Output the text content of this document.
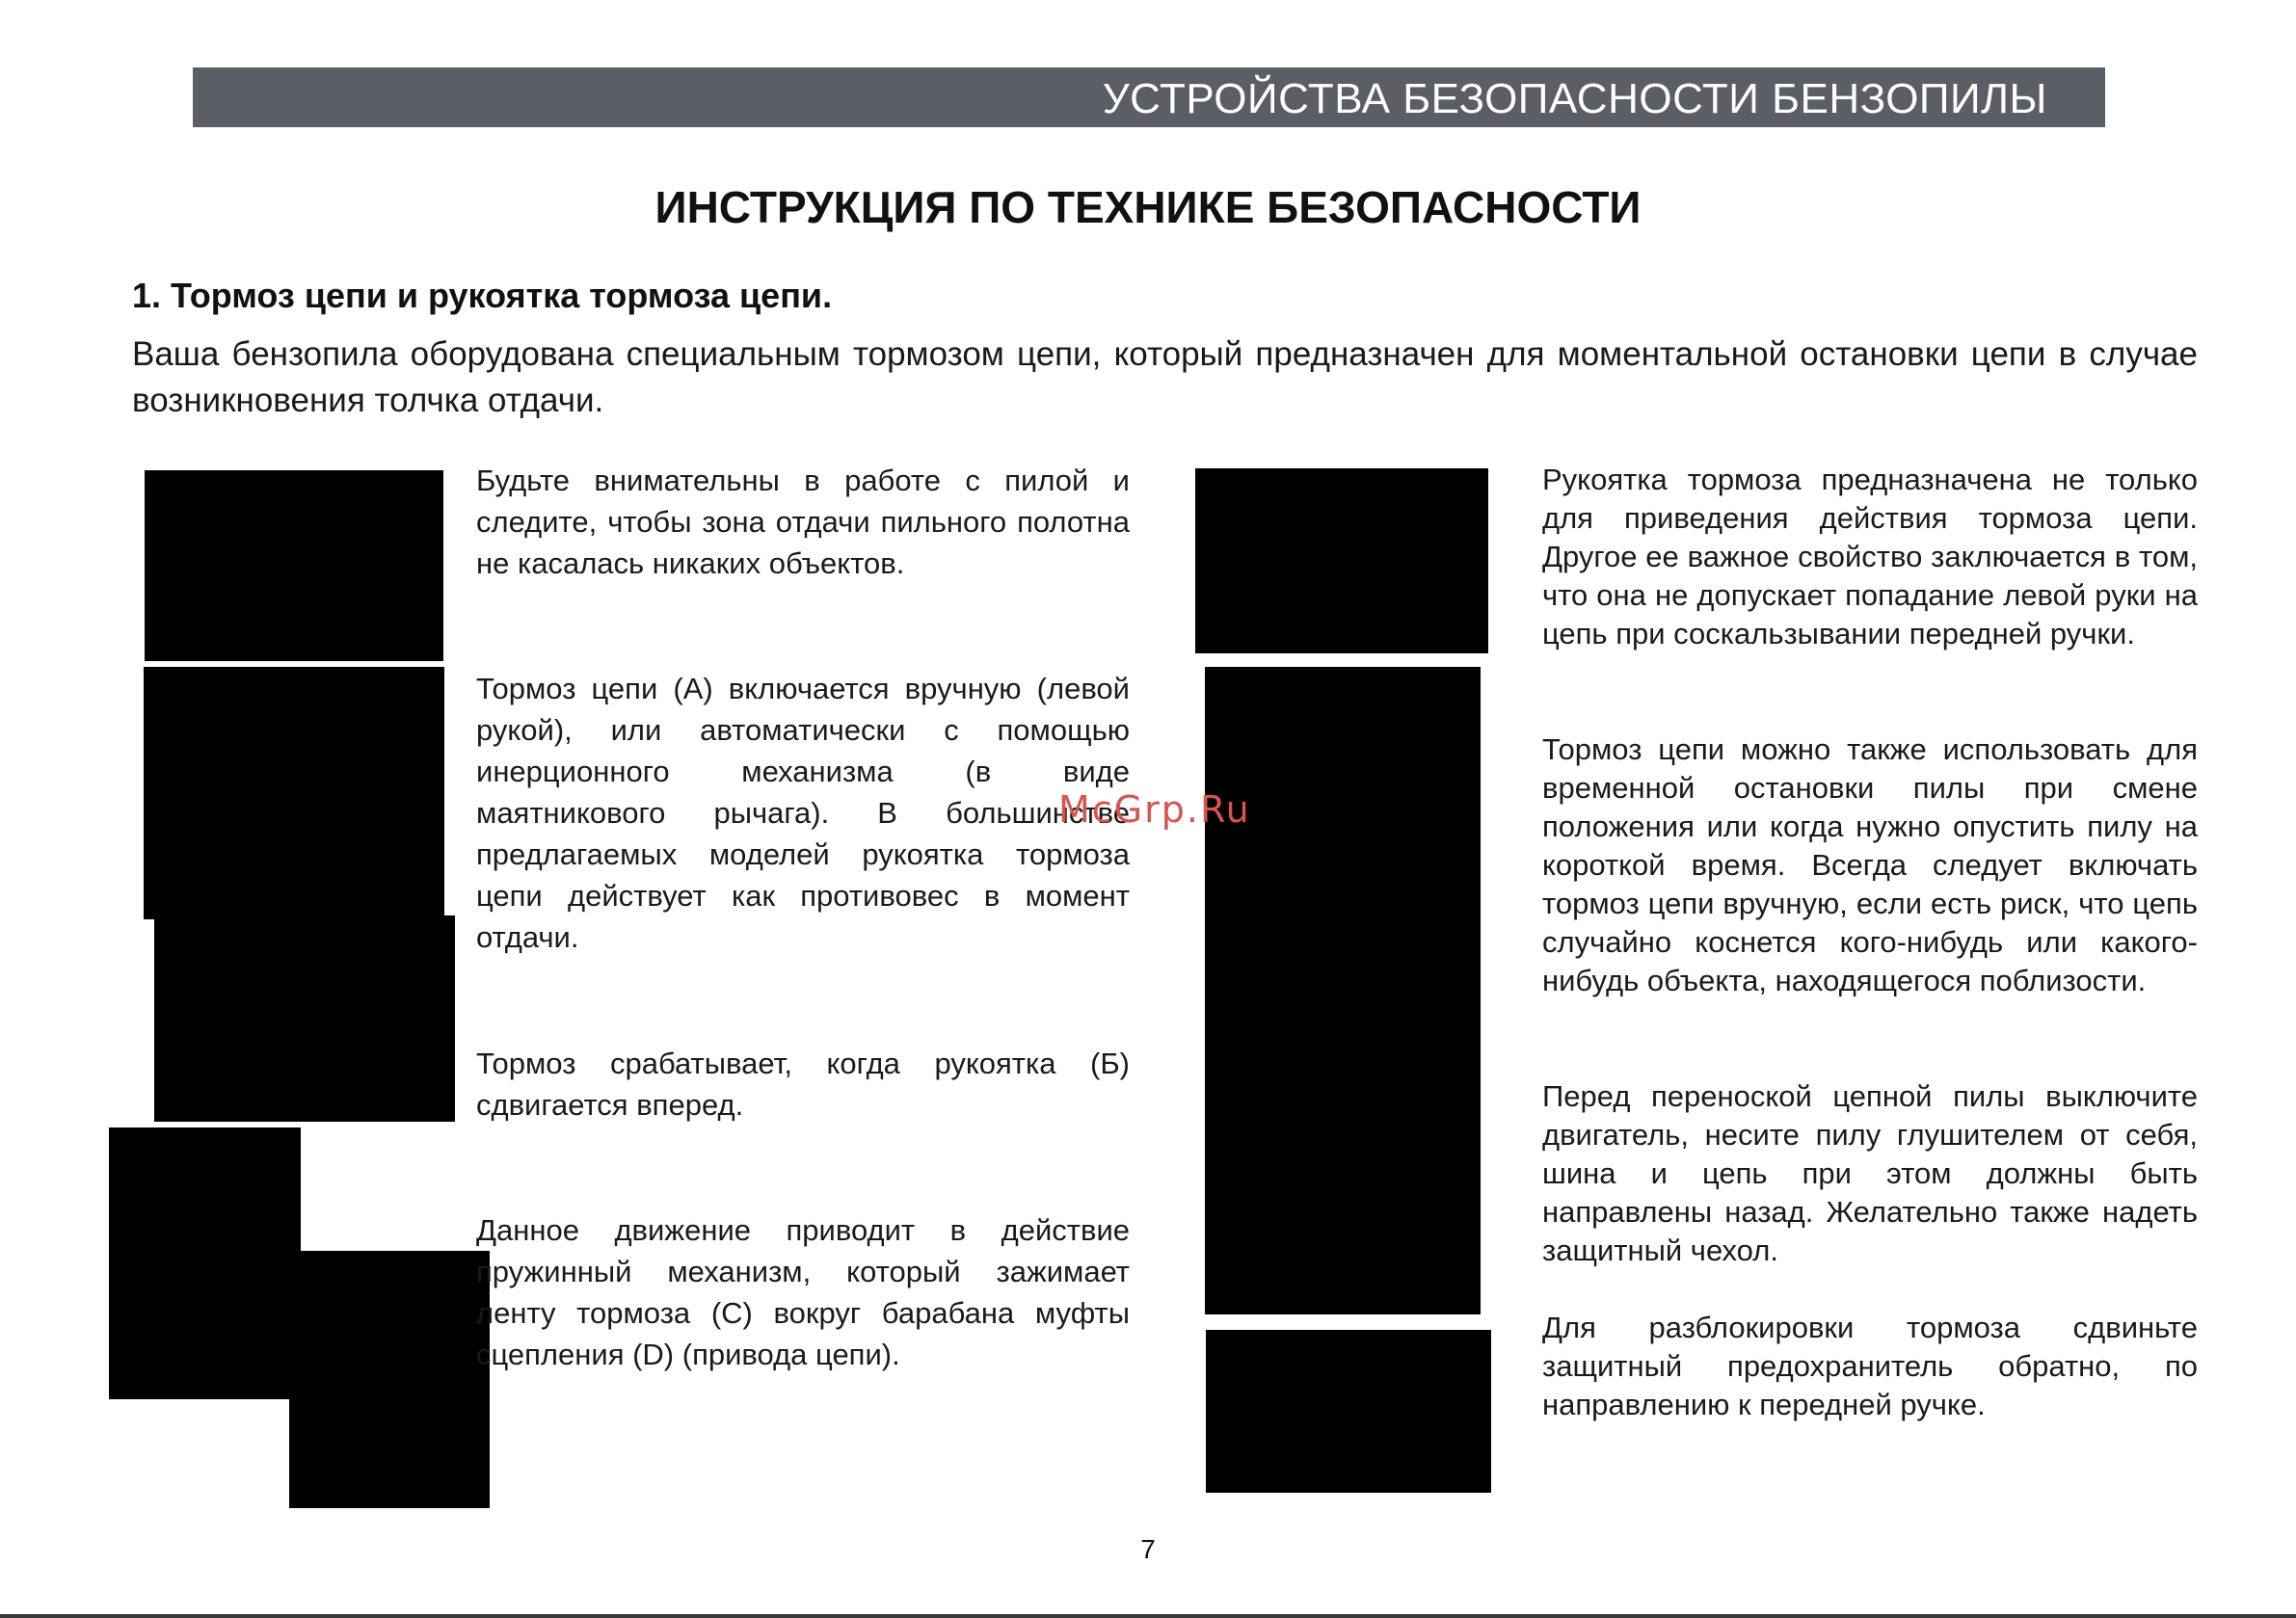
УСТРОЙСТВА БЕЗОПАСНОСТИ БЕНЗОПИЛЫ
ИНСТРУКЦИЯ ПО ТЕХНИКЕ БЕЗОПАСНОСТИ
1. Тормоз цепи и рукоятка тормоза цепи.
Ваша бензопила оборудована специальным тормозом цепи, который предназначен для моментальной остановки цепи в случае возникновения толчка отдачи.
Будьте внимательны в работе с пилой и следите, чтобы зона отдачи пильного полотна не касалась никаких объектов.
Тормоз цепи (А) включается вручную (левой рукой), или автоматически с помощью инерционного механизма (в виде маятникового рычага). В большинстве предлагаемых моделей рукоятка тормоза цепи действует как противовес в момент отдачи.
Тормоз срабатывает, когда рукоятка (Б) сдвигается вперед.
Данное движение приводит в действие пружинный механизм, который зажимает ленту тормоза (С) вокруг барабана муфты сцепления (D) (привода цепи).
Рукоятка тормоза предназначена не только для приведения действия тормоза цепи. Другое ее важное свойство заключается в том, что она не допускает попадание левой руки на цепь при соскальзывании передней ручки.
Тормоз цепи можно также использовать для временной остановки пилы при смене положения или когда нужно опустить пилу на короткой время. Всегда следует включать тормоз цепи вручную, если есть риск, что цепь случайно коснется кого-нибудь или какого-нибудь объекта, находящегося поблизости.
Перед переноской цепной пилы выключите двигатель, несите пилу глушителем от себя, шина и цепь при этом должны быть направлены назад. Желательно также надеть защитный чехол.
Для разблокировки тормоза сдвиньте защитный предохранитель обратно, по направлению к передней ручке.
McGrp.Ru
7
